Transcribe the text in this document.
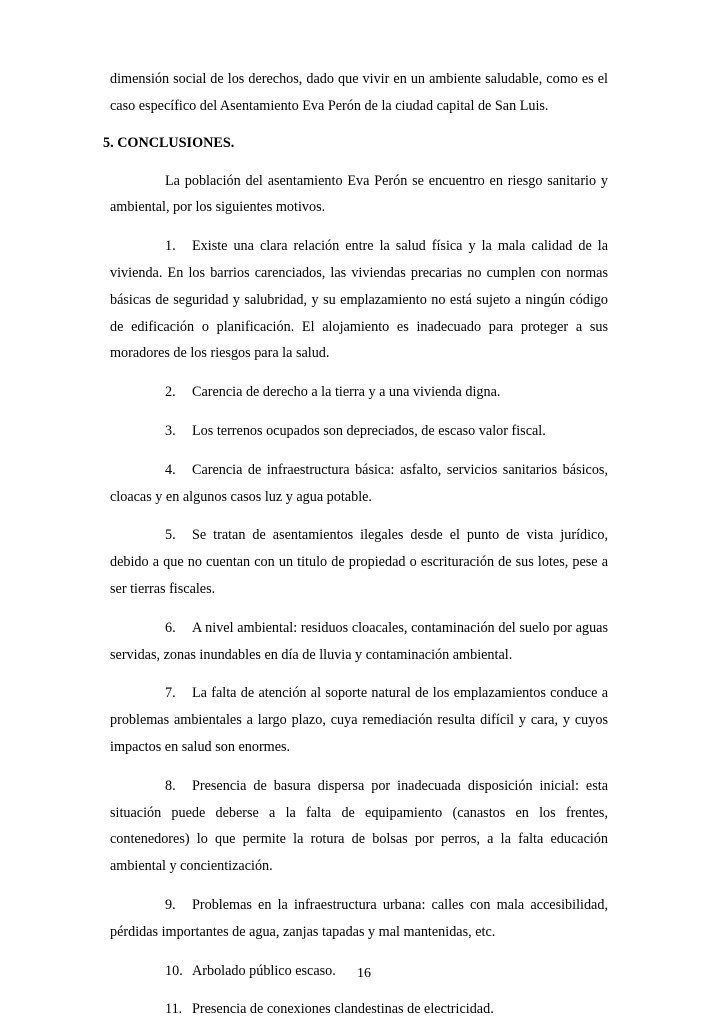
dimensión social de los derechos, dado que vivir en un ambiente saludable, como es el caso específico del Asentamiento Eva Perón de la ciudad capital de San Luis.

5. CONCLUSIONES.

La población del asentamiento Eva Perón se encuentro en riesgo sanitario y ambiental, por los siguientes motivos.

1. Existe una clara relación entre la salud física y la mala calidad de la vivienda. En los barrios carenciados, las viviendas precarias no cumplen con normas básicas de seguridad y salubridad, y su emplazamiento no está sujeto a ningún código de edificación o planificación. El alojamiento es inadecuado para proteger a sus moradores de los riesgos para la salud.

2. Carencia de derecho a la tierra y a una vivienda digna.

3. Los terrenos ocupados son depreciados, de escaso valor fiscal.

4. Carencia de infraestructura básica: asfalto, servicios sanitarios básicos, cloacas y en algunos casos luz y agua potable.

5. Se tratan de asentamientos ilegales desde el punto de vista jurídico, debido a que no cuentan con un titulo de propiedad o escrituración de sus lotes, pese a ser tierras fiscales.

6. A nivel ambiental: residuos cloacales, contaminación del suelo por aguas servidas, zonas inundables en día de lluvia y contaminación ambiental.

7. La falta de atención al soporte natural de los emplazamientos conduce a problemas ambientales a largo plazo, cuya remediación resulta difícil y cara, y cuyos impactos en salud son enormes.

8. Presencia de basura dispersa por inadecuada disposición inicial: esta situación puede deberse a la falta de equipamiento (canastos en los frentes, contenedores) lo que permite la rotura de bolsas por perros, a la falta educación ambiental y concientización.

9. Problemas en la infraestructura urbana: calles con mala accesibilidad, pérdidas importantes de agua, zanjas tapadas y mal mantenidas, etc.

10. Arbolado público escaso.

11. Presencia de conexiones clandestinas de electricidad.

16
